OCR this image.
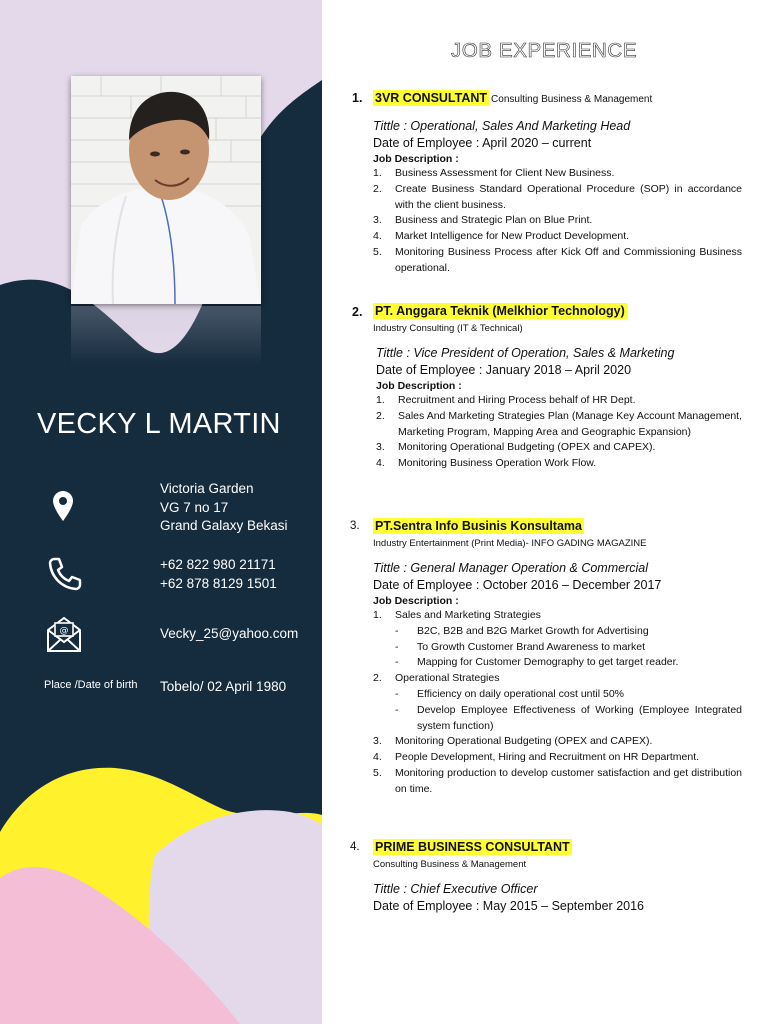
VECKY L MARTIN
Victoria Garden
VG 7 no 17
Grand Galaxy Bekasi
+62 822 980 21171
+62 878 8129 1501
@	Vecky_25@yahoo.com
Place /Date of birth Tobelo/ 02 April 1980
JOB EXPERIENCE
1. 3VR CONSULTANT Consulting Business & Management
Tittle : Operational, Sales And Marketing Head
Date of Employee : April 2020 – current
Job Description :
1. Business Assessment for Client New Business.
2. Create Business Standard Operational Procedure (SOP) in accordance with the client business.
3. Business and Strategic Plan on Blue Print.
4. Market Intelligence for New Product Development.
5. Monitoring Business Process after Kick Off and Commissioning Business operational.
2. PT. Anggara Teknik (Melkhior Technology)
Industry Consulting (IT & Technical)
Tittle : Vice President of Operation, Sales & Marketing
Date of Employee : January 2018 – April 2020
Job Description :
1. Recruitment and Hiring Process behalf of HR Dept.
2. Sales And Marketing Strategies Plan (Manage Key Account Management, Marketing Program, Mapping Area and Geographic Expansion)
3. Monitoring Operational Budgeting (OPEX and CAPEX).
4. Monitoring Business Operation Work Flow.
3. PT.Sentra Info Businis Konsultama
Industry Entertainment (Print Media)- INFO GADING MAGAZINE
Tittle : General Manager Operation & Commercial
Date of Employee : October 2016 – December 2017
Job Description :
1. Sales and Marketing Strategies
- B2C, B2B and B2G Market Growth for Advertising
- To Growth Customer Brand Awareness to market
- Mapping for Customer Demography to get target reader.
2. Operational Strategies
- Efficiency on daily operational cost until 50%
- Develop Employee Effectiveness of Working (Employee Integrated system function)
3. Monitoring Operational Budgeting (OPEX and CAPEX).
4. People Development, Hiring and Recruitment on HR Department.
5. Monitoring production to develop customer satisfaction and get distribution on time.
4. PRIME BUSINESS CONSULTANT
Consulting Business & Management
Tittle : Chief Executive Officer
Date of Employee : May 2015 – September 2016
